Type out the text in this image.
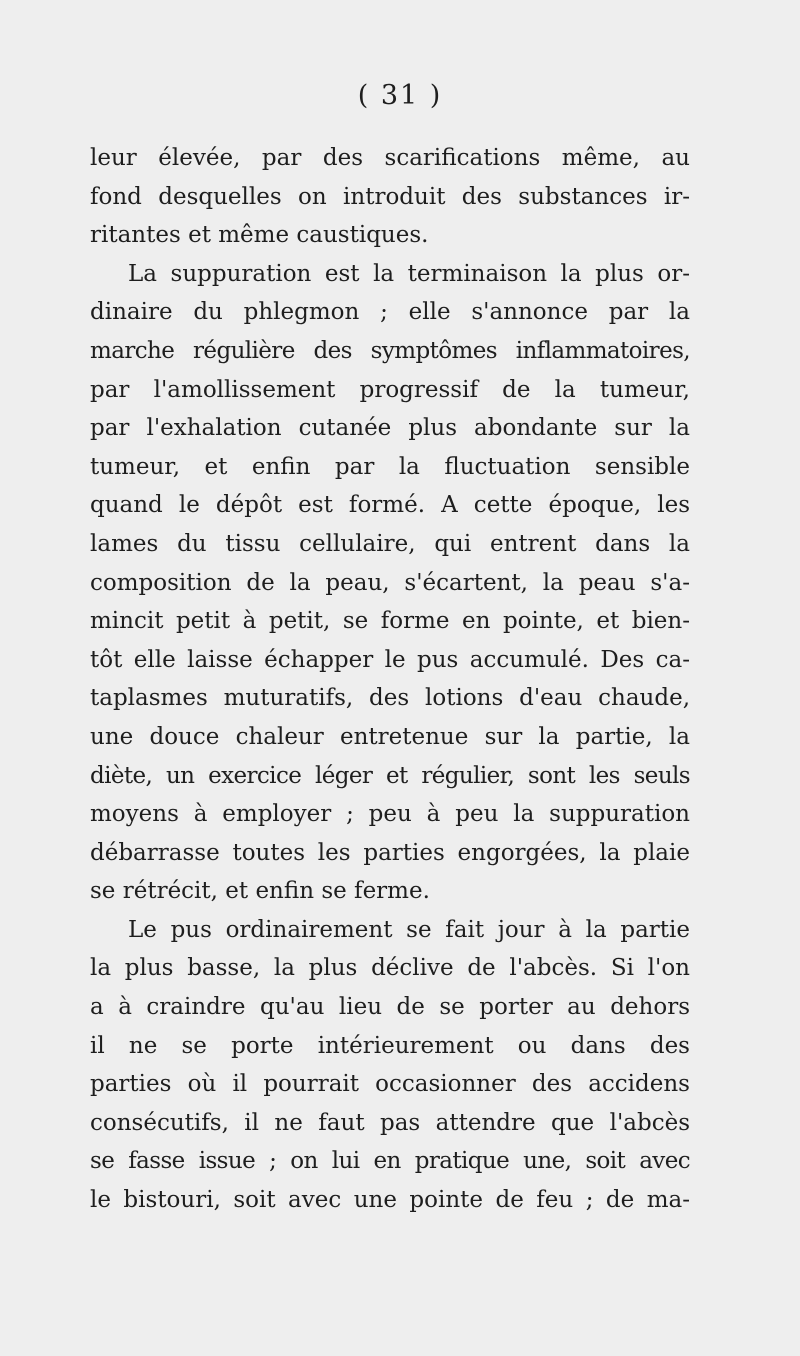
( 31 )

leur élevée, par des scarifications même, au
fond desquelles on introduit des substances ir-
ritantes et même caustiques.

La suppuration est la terminaison la plus or-
dinaire du phlegmon ; elle s'annonce par la
marche régulière des symptômes inflammatoires,
par l'amollissement progressif de la tumeur,
par l'exhalation cutanée plus abondante sur la
tumeur, et enfin par la fluctuation sensible
quand le dépôt est formé. A cette époque, les
lames du tissu cellulaire, qui entrent dans la
composition de la peau, s'écartent, la peau s'a-
mincit petit à petit, se forme en pointe, et bien-
tôt elle laisse échapper le pus accumulé. Des ca-
taplasmes muturatifs, des lotions d'eau chaude,
une douce chaleur entretenue sur la partie, la
diète, un exercice léger et régulier, sont les seuls
moyens à employer ; peu à peu la suppuration
débarrasse toutes les parties engorgées, la plaie
se rétrécit, et enfin se ferme.

Le pus ordinairement se fait jour à la partie
la plus basse, la plus déclive de l'abcès. Si l'on
a à craindre qu'au lieu de se porter au dehors
il ne se porte intérieurement ou dans des
parties où il pourrait occasionner des accidens
consécutifs, il ne faut pas attendre que l'abcès
se fasse issue ; on lui en pratique une, soit avec
le bistouri, soit avec une pointe de feu ; de ma-
